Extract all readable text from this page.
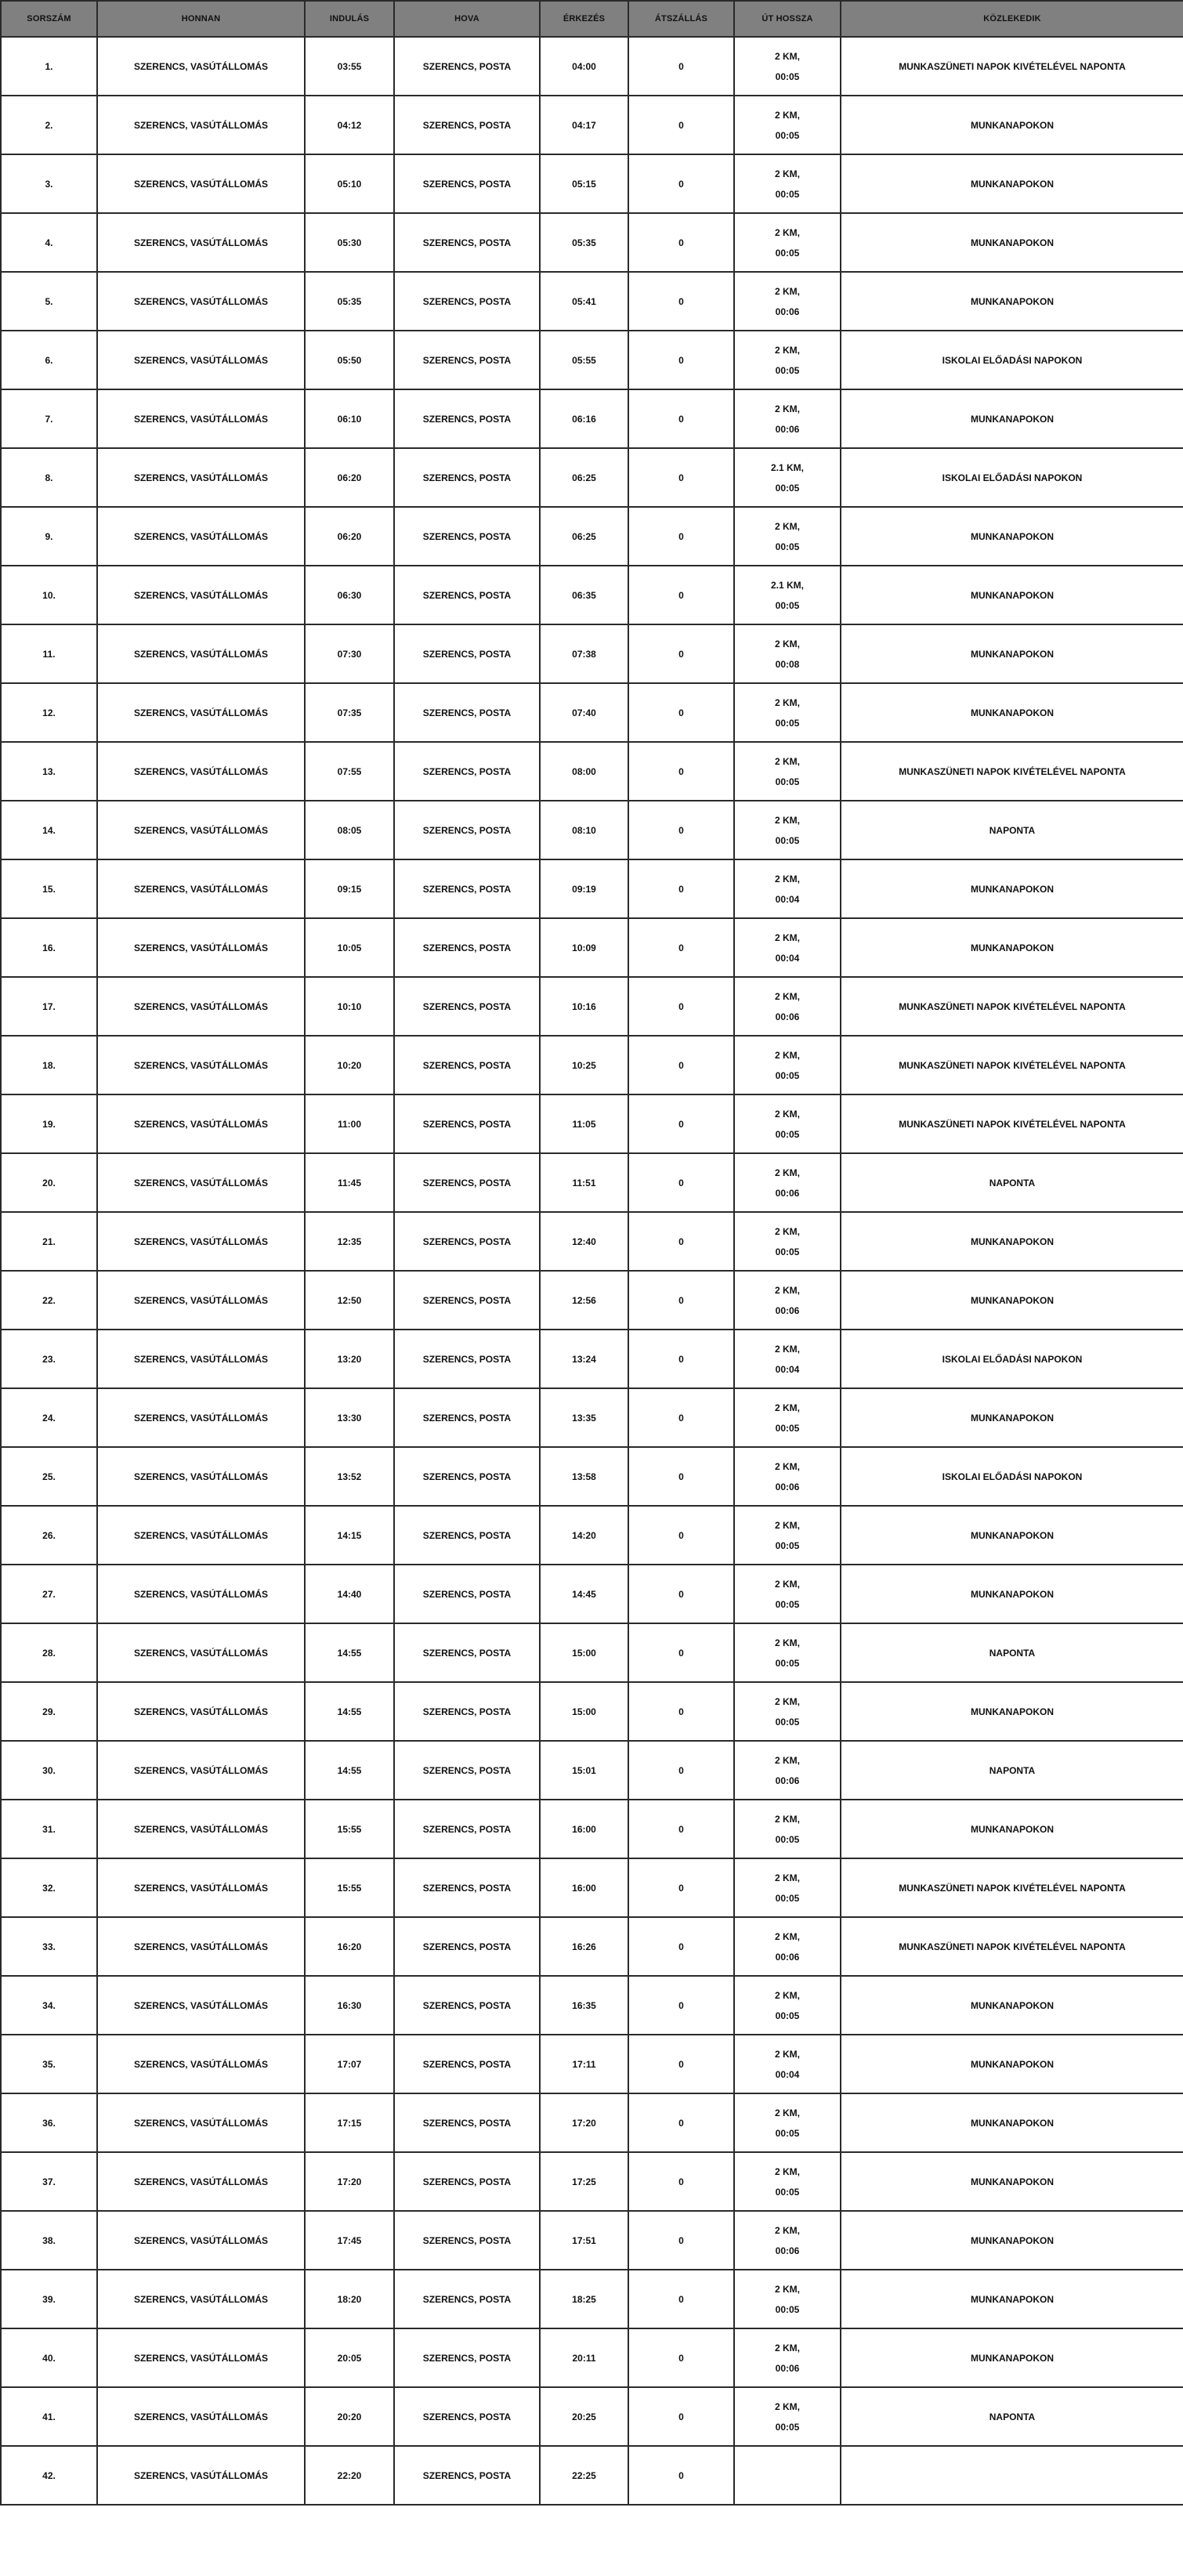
SORSZÁM	HONNAN	INDULÁS	HOVA	ÉRKEZÉS	ÁTSZÁLLÁS	ÚT HOSSZA	KÖZLEKEDIK
1.	SZERENCS, VASÚTÁLLOMÁS	03:55	SZERENCS, POSTA	04:00	0	2 KM,
00:05	MUNKASZÜNETI NAPOK KIVÉTELÉVEL NAPONTA
2.	SZERENCS, VASÚTÁLLOMÁS	04:12	SZERENCS, POSTA	04:17	0	2 KM,
00:05	MUNKANAPOKON
3.	SZERENCS, VASÚTÁLLOMÁS	05:10	SZERENCS, POSTA	05:15	0	2 KM,
00:05	MUNKANAPOKON
4.	SZERENCS, VASÚTÁLLOMÁS	05:30	SZERENCS, POSTA	05:35	0	2 KM,
00:05	MUNKANAPOKON
5.	SZERENCS, VASÚTÁLLOMÁS	05:35	SZERENCS, POSTA	05:41	0	2 KM,
00:06	MUNKANAPOKON
6.	SZERENCS, VASÚTÁLLOMÁS	05:50	SZERENCS, POSTA	05:55	0	2 KM,
00:05	ISKOLAI ELŐADÁSI NAPOKON
7.	SZERENCS, VASÚTÁLLOMÁS	06:10	SZERENCS, POSTA	06:16	0	2 KM,
00:06	MUNKANAPOKON
8.	SZERENCS, VASÚTÁLLOMÁS	06:20	SZERENCS, POSTA	06:25	0	2.1 KM,
00:05	ISKOLAI ELŐADÁSI NAPOKON
9.	SZERENCS, VASÚTÁLLOMÁS	06:20	SZERENCS, POSTA	06:25	0	2 KM,
00:05	MUNKANAPOKON
10.	SZERENCS, VASÚTÁLLOMÁS	06:30	SZERENCS, POSTA	06:35	0	2.1 KM,
00:05	MUNKANAPOKON
11.	SZERENCS, VASÚTÁLLOMÁS	07:30	SZERENCS, POSTA	07:38	0	2 KM,
00:08	MUNKANAPOKON
12.	SZERENCS, VASÚTÁLLOMÁS	07:35	SZERENCS, POSTA	07:40	0	2 KM,
00:05	MUNKANAPOKON
13.	SZERENCS, VASÚTÁLLOMÁS	07:55	SZERENCS, POSTA	08:00	0	2 KM,
00:05	MUNKASZÜNETI NAPOK KIVÉTELÉVEL NAPONTA
14.	SZERENCS, VASÚTÁLLOMÁS	08:05	SZERENCS, POSTA	08:10	0	2 KM,
00:05	NAPONTA
15.	SZERENCS, VASÚTÁLLOMÁS	09:15	SZERENCS, POSTA	09:19	0	2 KM,
00:04	MUNKANAPOKON
16.	SZERENCS, VASÚTÁLLOMÁS	10:05	SZERENCS, POSTA	10:09	0	2 KM,
00:04	MUNKANAPOKON
17.	SZERENCS, VASÚTÁLLOMÁS	10:10	SZERENCS, POSTA	10:16	0	2 KM,
00:06	MUNKASZÜNETI NAPOK KIVÉTELÉVEL NAPONTA
18.	SZERENCS, VASÚTÁLLOMÁS	10:20	SZERENCS, POSTA	10:25	0	2 KM,
00:05	MUNKASZÜNETI NAPOK KIVÉTELÉVEL NAPONTA
19.	SZERENCS, VASÚTÁLLOMÁS	11:00	SZERENCS, POSTA	11:05	0	2 KM,
00:05	MUNKASZÜNETI NAPOK KIVÉTELÉVEL NAPONTA
20.	SZERENCS, VASÚTÁLLOMÁS	11:45	SZERENCS, POSTA	11:51	0	2 KM,
00:06	NAPONTA
21.	SZERENCS, VASÚTÁLLOMÁS	12:35	SZERENCS, POSTA	12:40	0	2 KM,
00:05	MUNKANAPOKON
22.	SZERENCS, VASÚTÁLLOMÁS	12:50	SZERENCS, POSTA	12:56	0	2 KM,
00:06	MUNKANAPOKON
23.	SZERENCS, VASÚTÁLLOMÁS	13:20	SZERENCS, POSTA	13:24	0	2 KM,
00:04	ISKOLAI ELŐADÁSI NAPOKON
24.	SZERENCS, VASÚTÁLLOMÁS	13:30	SZERENCS, POSTA	13:35	0	2 KM,
00:05	MUNKANAPOKON
25.	SZERENCS, VASÚTÁLLOMÁS	13:52	SZERENCS, POSTA	13:58	0	2 KM,
00:06	ISKOLAI ELŐADÁSI NAPOKON
26.	SZERENCS, VASÚTÁLLOMÁS	14:15	SZERENCS, POSTA	14:20	0	2 KM,
00:05	MUNKANAPOKON
27.	SZERENCS, VASÚTÁLLOMÁS	14:40	SZERENCS, POSTA	14:45	0	2 KM,
00:05	MUNKANAPOKON
28.	SZERENCS, VASÚTÁLLOMÁS	14:55	SZERENCS, POSTA	15:00	0	2 KM,
00:05	NAPONTA
29.	SZERENCS, VASÚTÁLLOMÁS	14:55	SZERENCS, POSTA	15:00	0	2 KM,
00:05	MUNKANAPOKON
30.	SZERENCS, VASÚTÁLLOMÁS	14:55	SZERENCS, POSTA	15:01	0	2 KM,
00:06	NAPONTA
31.	SZERENCS, VASÚTÁLLOMÁS	15:55	SZERENCS, POSTA	16:00	0	2 KM,
00:05	MUNKANAPOKON
32.	SZERENCS, VASÚTÁLLOMÁS	15:55	SZERENCS, POSTA	16:00	0	2 KM,
00:05	MUNKASZÜNETI NAPOK KIVÉTELÉVEL NAPONTA
33.	SZERENCS, VASÚTÁLLOMÁS	16:20	SZERENCS, POSTA	16:26	0	2 KM,
00:06	MUNKASZÜNETI NAPOK KIVÉTELÉVEL NAPONTA
34.	SZERENCS, VASÚTÁLLOMÁS	16:30	SZERENCS, POSTA	16:35	0	2 KM,
00:05	MUNKANAPOKON
35.	SZERENCS, VASÚTÁLLOMÁS	17:07	SZERENCS, POSTA	17:11	0	2 KM,
00:04	MUNKANAPOKON
36.	SZERENCS, VASÚTÁLLOMÁS	17:15	SZERENCS, POSTA	17:20	0	2 KM,
00:05	MUNKANAPOKON
37.	SZERENCS, VASÚTÁLLOMÁS	17:20	SZERENCS, POSTA	17:25	0	2 KM,
00:05	MUNKANAPOKON
38.	SZERENCS, VASÚTÁLLOMÁS	17:45	SZERENCS, POSTA	17:51	0	2 KM,
00:06	MUNKANAPOKON
39.	SZERENCS, VASÚTÁLLOMÁS	18:20	SZERENCS, POSTA	18:25	0	2 KM,
00:05	MUNKANAPOKON
40.	SZERENCS, VASÚTÁLLOMÁS	20:05	SZERENCS, POSTA	20:11	0	2 KM,
00:06	MUNKANAPOKON
41.	SZERENCS, VASÚTÁLLOMÁS	20:20	SZERENCS, POSTA	20:25	0	2 KM,
00:05	NAPONTA
42.	SZERENCS, VASÚTÁLLOMÁS	22:20	SZERENCS, POSTA	22:25	0	
